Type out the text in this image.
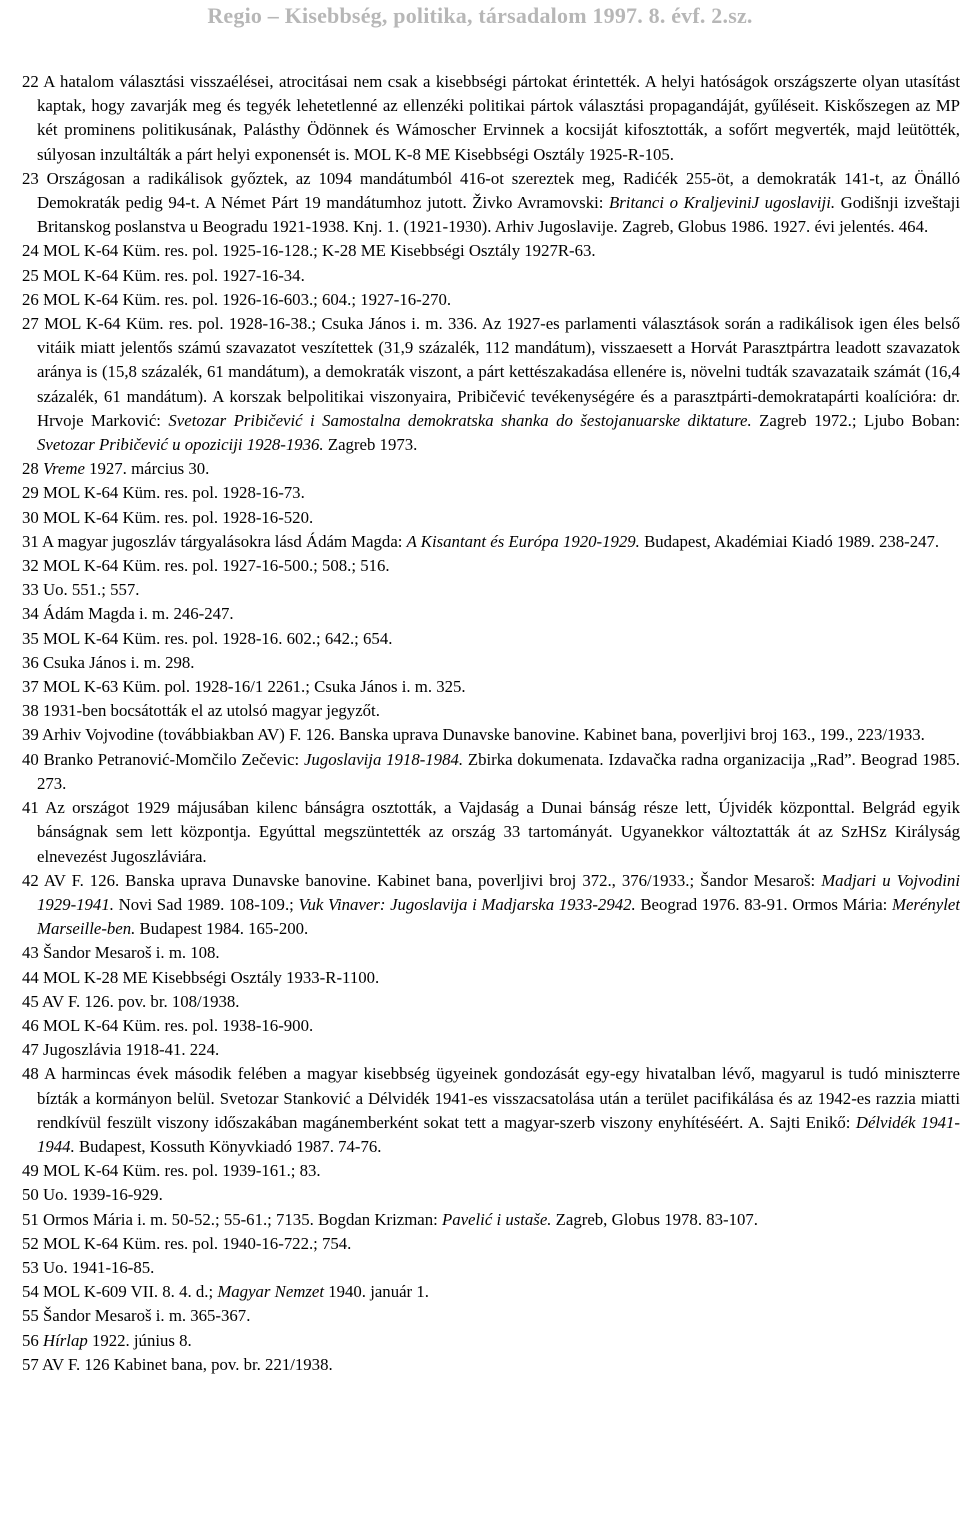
Regio – Kisebbség, politika, társadalom 1997. 8. évf. 2.sz.

22 A hatalom választási visszaélései, atrocitásai nem csak a kisebbségi pártokat érintették. A helyi hatóságok országszerte olyan utasítást kaptak, hogy zavarják meg és tegyék lehetetlenné az ellenzéki politikai pártok választási propagandáját, gyűléseit. Kiskőszegen az MP két prominens politikusának, Palásthy Ödönnek és Wámoscher Ervinnek a kocsiját kifosztották, a sofőrt megverték, majd leütötték, súlyosan inzultálták a párt helyi exponensét is. MOL K-8 ME Kisebbségi Osztály 1925-R-105.

23 Országosan a radikálisok győztek, az 1094 mandátumból 416-ot szereztek meg, Radićék 255-öt, a demokraták 141-t, az Önálló Demokraták pedig 94-t. A Német Párt 19 mandátumhoz jutott. Živko Avramovski: Britanci o KraljeviniJ ugoslaviji. Godišnji izveštaji Britanskog poslanstva u Beogradu 1921-1938. Knj. 1. (1921-1930). Arhiv Jugoslavije. Zagreb, Globus 1986. 1927. évi jelentés. 464.

24 MOL K-64 Küm. res. pol. 1925-16-128.; K-28 ME Kisebbségi Osztály 1927R-63.

25 MOL K-64 Küm. res. pol. 1927-16-34.

26 MOL K-64 Küm. res. pol. 1926-16-603.; 604.; 1927-16-270.

27 MOL K-64 Küm. res. pol. 1928-16-38.; Csuka János i. m. 336. Az 1927-es parlamenti választások során a radikálisok igen éles belső vitáik miatt jelentős számú szavazatot veszítettek (31,9 százalék, 112 mandátum), visszaesett a Horvát Parasztpártra leadott szavazatok aránya is (15,8 százalék, 61 mandátum), a demokraták viszont, a párt kettészakadása ellenére is, növelni tudták szavazataik számát (16,4 százalék, 61 mandátum). A korszak belpolitikai viszonyaira, Pribičević tevékenységére és a parasztpárti-demokratapárti koalícióra: dr. Hrvoje Marković: Svetozar Pribičević i Samostalna demokratska shanka do šestojanuarske diktature. Zagreb 1972.; Ljubo Boban: Svetozar Pribičević u opoziciji 1928-1936. Zagreb 1973.

28 Vreme 1927. március 30.

29 MOL K-64 Küm. res. pol. 1928-16-73.

30 MOL K-64 Küm. res. pol. 1928-16-520.

31 A magyar jugoszláv tárgyalásokra lásd Ádám Magda: A Kisantant és Európa 1920-1929. Budapest, Akadémiai Kiadó 1989. 238-247.

32 MOL K-64 Küm. res. pol. 1927-16-500.; 508.; 516.

33 Uo. 551.; 557.

34 Ádám Magda i. m. 246-247.

35 MOL K-64 Küm. res. pol. 1928-16. 602.; 642.; 654.

36 Csuka János i. m. 298.

37 MOL K-63 Küm. pol. 1928-16/1 2261.; Csuka János i. m. 325.

38 1931-ben bocsátották el az utolsó magyar jegyzőt.

39 Arhiv Vojvodine (továbbiakban AV) F. 126. Banska uprava Dunavske banovine. Kabinet bana, poverljivi broj 163., 199., 223/1933.

40 Branko Petranović-Momčilo Zečevic: Jugoslavija 1918-1984. Zbirka dokumenata. Izdavačka radna organizacija „Rad”. Beograd 1985. 273.

41 Az országot 1929 májusában kilenc bánságra osztották, a Vajdaság a Dunai bánság része lett, Újvidék központtal. Belgrád egyik bánságnak sem lett központja. Egyúttal megszüntették az ország 33 tartományát. Ugyanekkor változtatták át az SzHSz Királyság elnevezést Jugoszláviára.

42 AV F. 126. Banska uprava Dunavske banovine. Kabinet bana, poverljivi broj 372., 376/1933.; Šandor Mesaroš: Madjari u Vojvodini 1929-1941. Novi Sad 1989. 108-109.; Vuk Vinaver: Jugoslavija i Madjarska 1933-2942. Beograd 1976. 83-91. Ormos Mária: Merénylet Marseille-ben. Budapest 1984. 165-200.

43 Šandor Mesaroš i. m. 108.

44 MOL K-28 ME Kisebbségi Osztály 1933-R-1100.

45 AV F. 126. pov. br. 108/1938.

46 MOL K-64 Küm. res. pol. 1938-16-900.

47 Jugoszlávia 1918-41. 224.

48 A harmincas évek második felében a magyar kisebbség ügyeinek gondozását egy-egy hivatalban lévő, magyarul is tudó miniszterre bízták a kormányon belül. Svetozar Stanković a Délvidék 1941-es visszacsatolása után a terület pacifikálása és az 1942-es razzia miatti rendkívül feszült viszony időszakában magánemberként sokat tett a magyar-szerb viszony enyhítéséért. A. Sajti Enikő: Délvidék 1941-1944. Budapest, Kossuth Könyvkiadó 1987. 74-76.

49 MOL K-64 Küm. res. pol. 1939-161.; 83.

50 Uo. 1939-16-929.

51 Ormos Mária i. m. 50-52.; 55-61.; 7135. Bogdan Krizman: Pavelić i ustaše. Zagreb, Globus 1978. 83-107.

52 MOL K-64 Küm. res. pol. 1940-16-722.; 754.

53 Uo. 1941-16-85.

54 MOL K-609 VII. 8. 4. d.; Magyar Nemzet 1940. január 1.

55 Šandor Mesaroš i. m. 365-367.

56 Hírlap 1922. június 8.

57 AV F. 126 Kabinet bana, pov. br. 221/1938.
